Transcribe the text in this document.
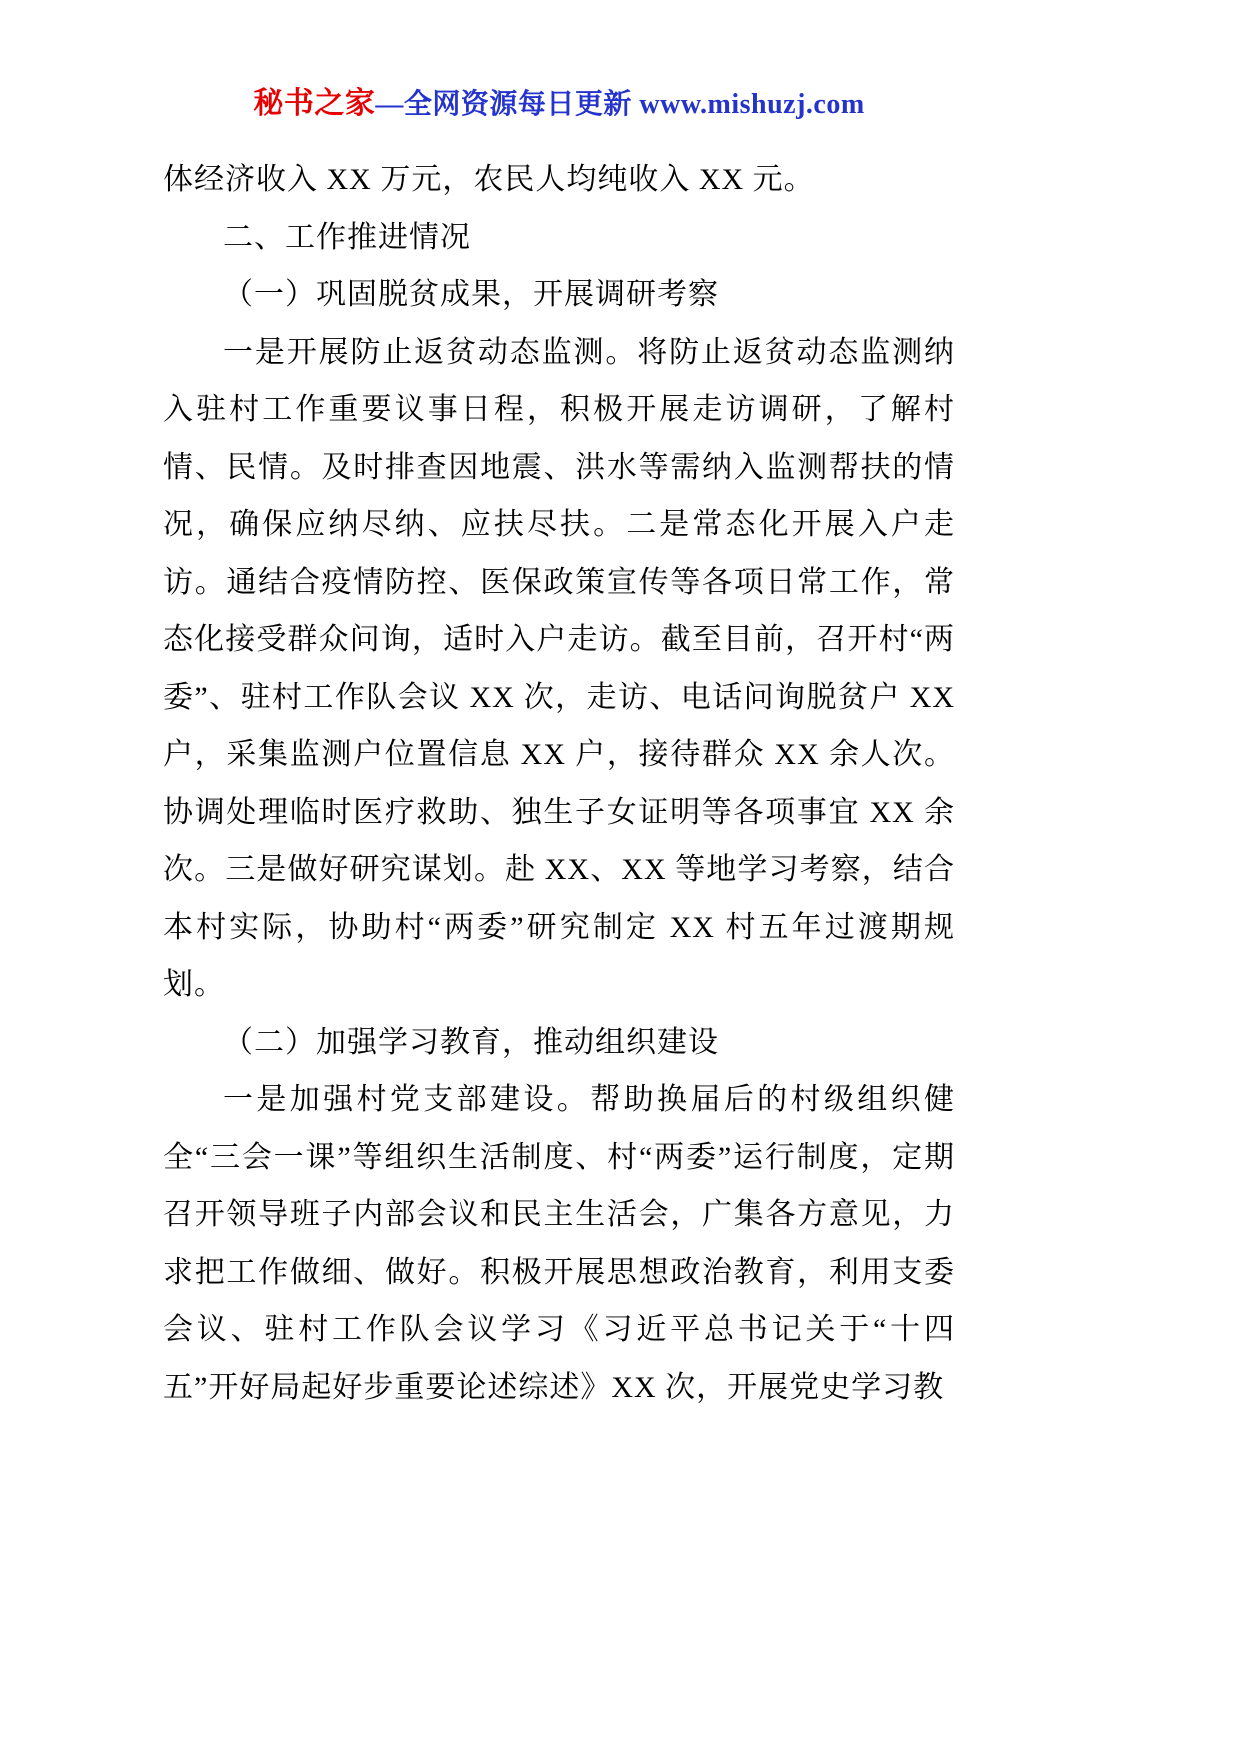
秘书之家—全网资源每日更新 www.mishuzj.com

体经济收入 XX 万元，农民人均纯收入 XX 元。

二、工作推进情况

（一）巩固脱贫成果，开展调研考察

一是开展防止返贫动态监测。将防止返贫动态监测纳入驻村工作重要议事日程，积极开展走访调研，了解村情、民情。及时排查因地震、洪水等需纳入监测帮扶的情况，确保应纳尽纳、应扶尽扶。二是常态化开展入户走访。通结合疫情防控、医保政策宣传等各项日常工作，常态化接受群众问询，适时入户走访。截至目前，召开村“两委”、驻村工作队会议 XX 次，走访、电话问询脱贫户 XX 户，采集监测户位置信息 XX 户，接待群众 XX 余人次。协调处理临时医疗救助、独生子女证明等各项事宜 XX 余次。三是做好研究谋划。赴 XX、XX 等地学习考察，结合本村实际，协助村“两委”研究制定 XX 村五年过渡期规划。

（二）加强学习教育，推动组织建设

一是加强村党支部建设。帮助换届后的村级组织健全“三会一课”等组织生活制度、村“两委”运行制度，定期召开领导班子内部会议和民主生活会，广集各方意见，力求把工作做细、做好。积极开展思想政治教育，利用支委会议、驻村工作队会议学习《习近平总书记关于“十四五”开好局起好步重要论述综述》XX 次，开展党史学习教
